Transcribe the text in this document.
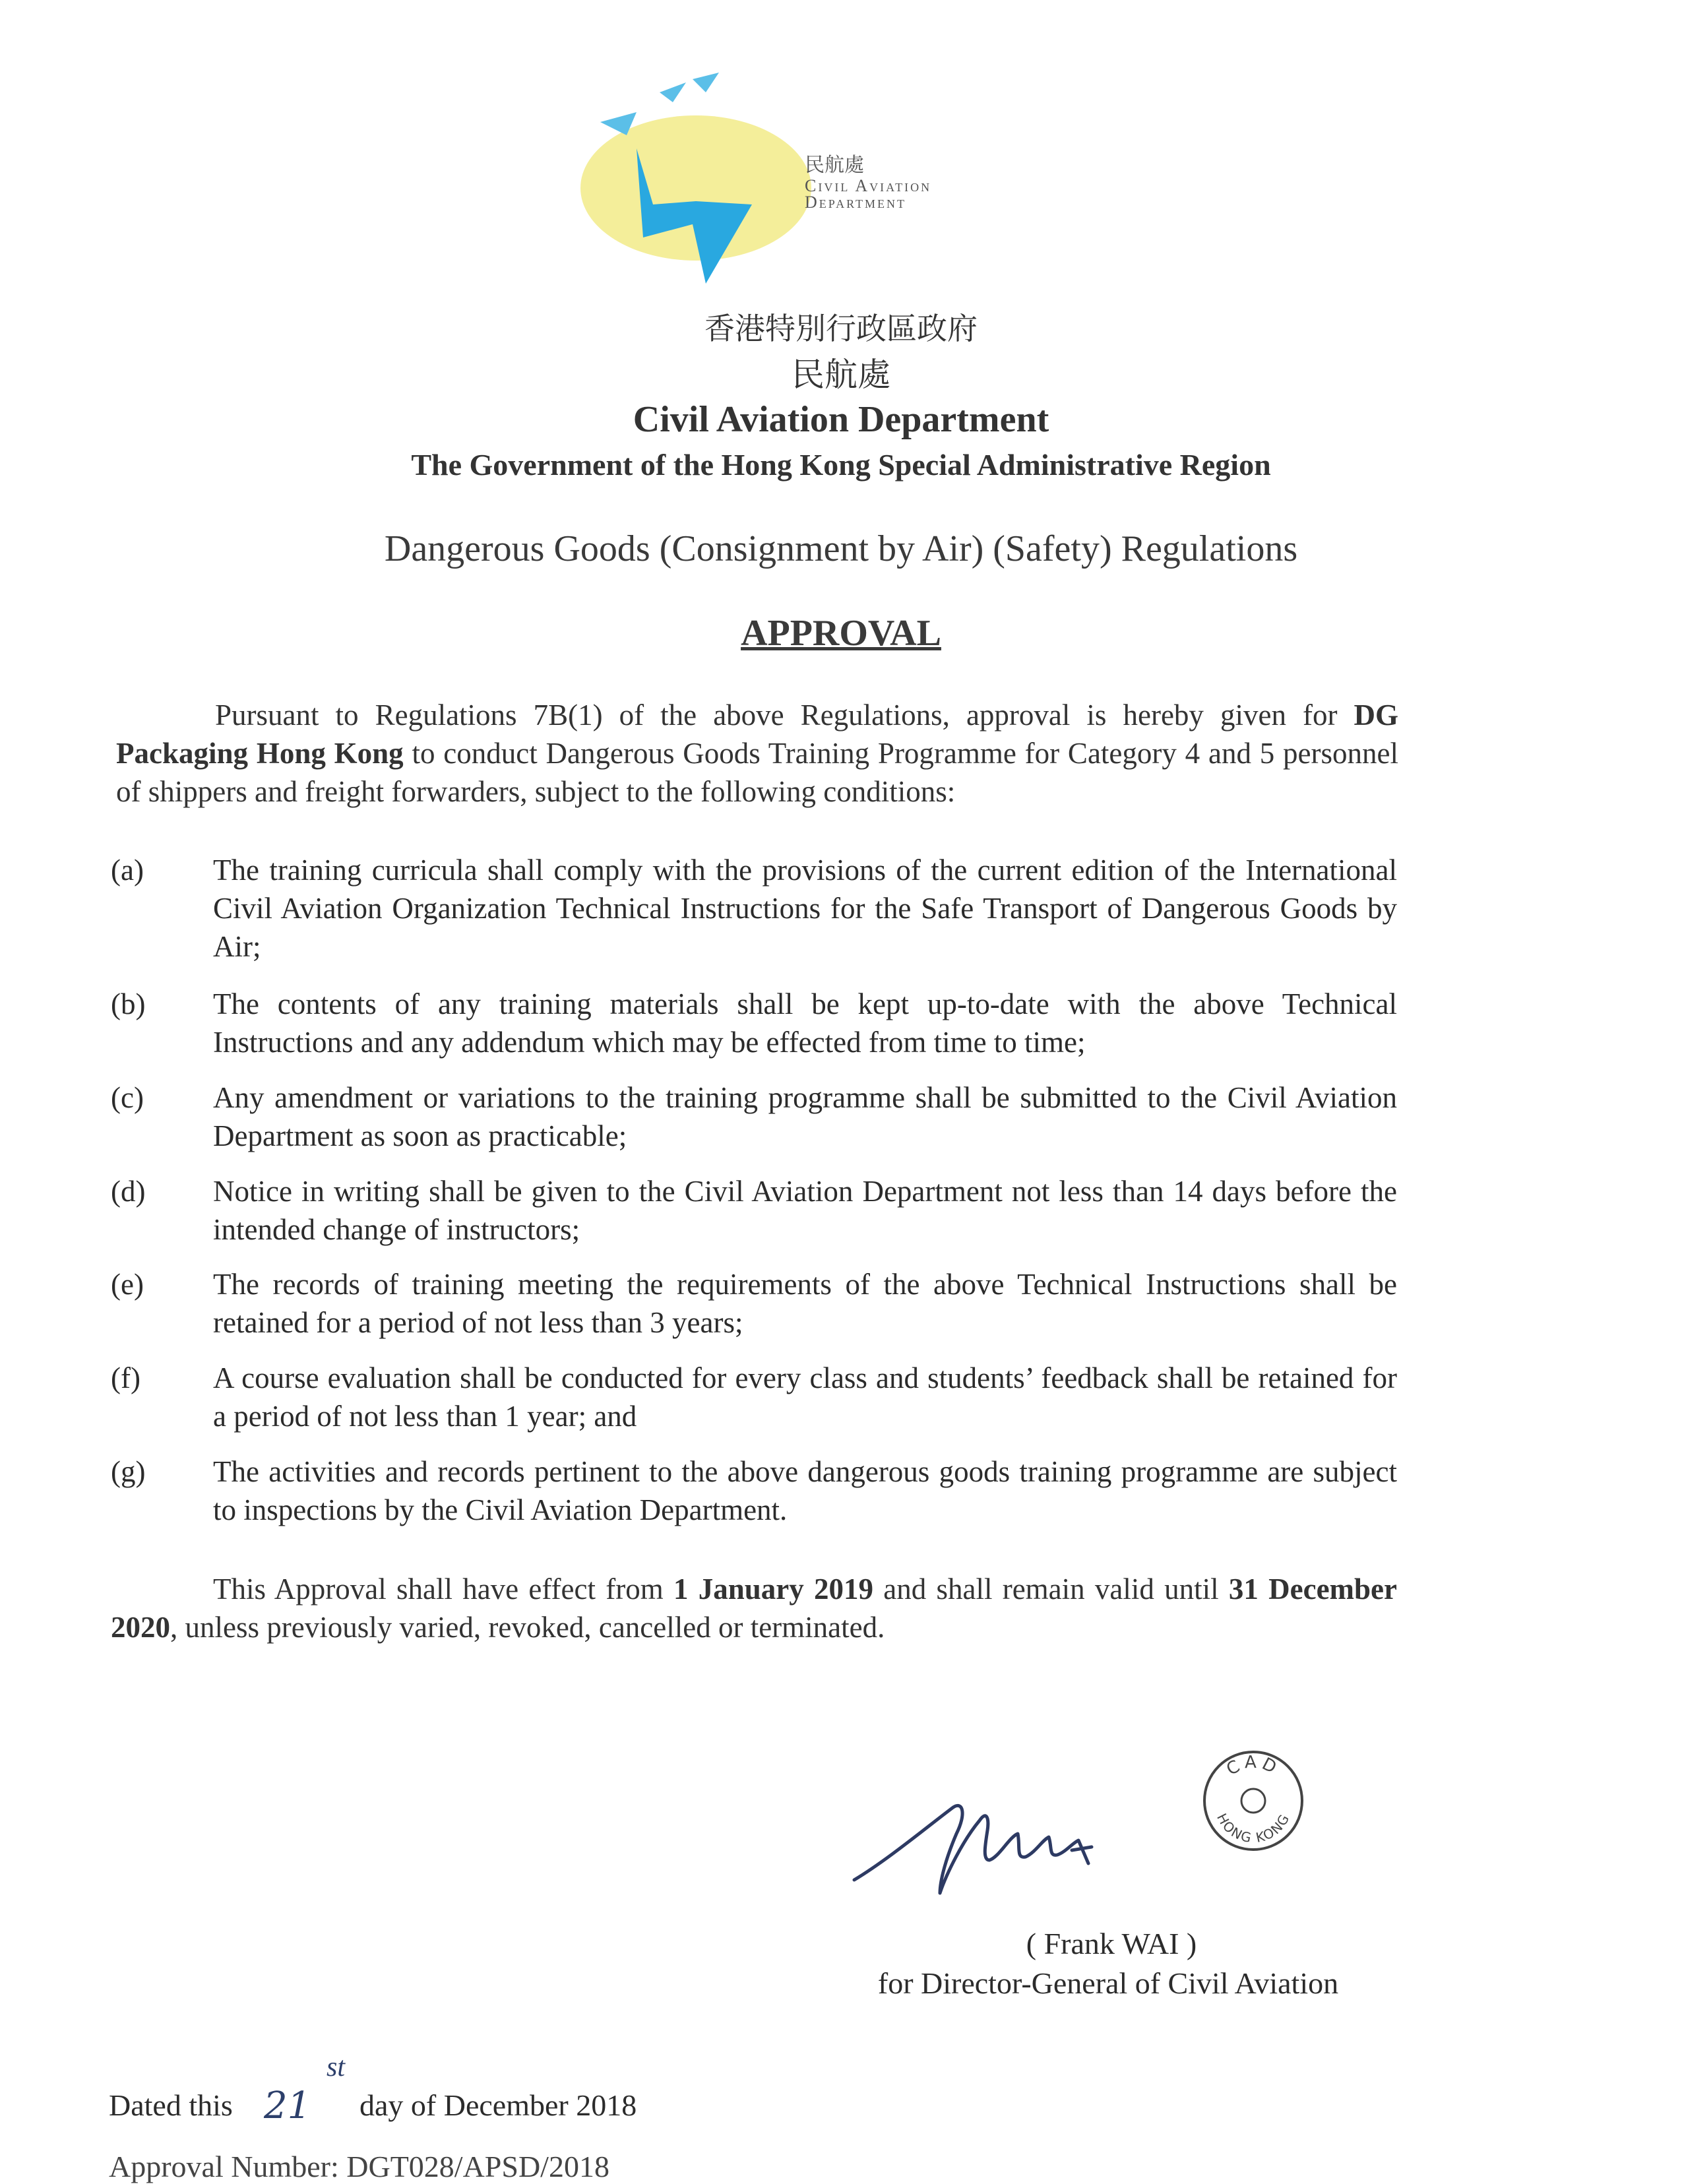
民航處
Civil Aviation
Department
香港特別行政區政府
民航處
Civil Aviation Department
The Government of the Hong Kong Special Administrative Region
Dangerous Goods (Consignment by Air) (Safety) Regulations
APPROVAL
Pursuant to Regulations 7B(1) of the above Regulations, approval is hereby given for DG Packaging Hong Kong to conduct Dangerous Goods Training Programme for Category 4 and 5 personnel of shippers and freight forwarders, subject to the following conditions:
(a) The training curricula shall comply with the provisions of the current edition of the International Civil Aviation Organization Technical Instructions for the Safe Transport of Dangerous Goods by Air;
(b) The contents of any training materials shall be kept up-to-date with the above Technical Instructions and any addendum which may be effected from time to time;
(c) Any amendment or variations to the training programme shall be submitted to the Civil Aviation Department as soon as practicable;
(d) Notice in writing shall be given to the Civil Aviation Department not less than 14 days before the intended change of instructors;
(e) The records of training meeting the requirements of the above Technical Instructions shall be retained for a period of not less than 3 years;
(f) A course evaluation shall be conducted for every class and students’ feedback shall be retained for a period of not less than 1 year; and
(g) The activities and records pertinent to the above dangerous goods training programme are subject to inspections by the Civil Aviation Department.
This Approval shall have effect from 1 January 2019 and shall remain valid until 31 December 2020, unless previously varied, revoked, cancelled or terminated.
CAD
HONG KONG
( Frank WAI )
for Director-General of Civil Aviation
Dated this 21
st
day of December 2018
Approval Number: DGT028/APSD/2018
